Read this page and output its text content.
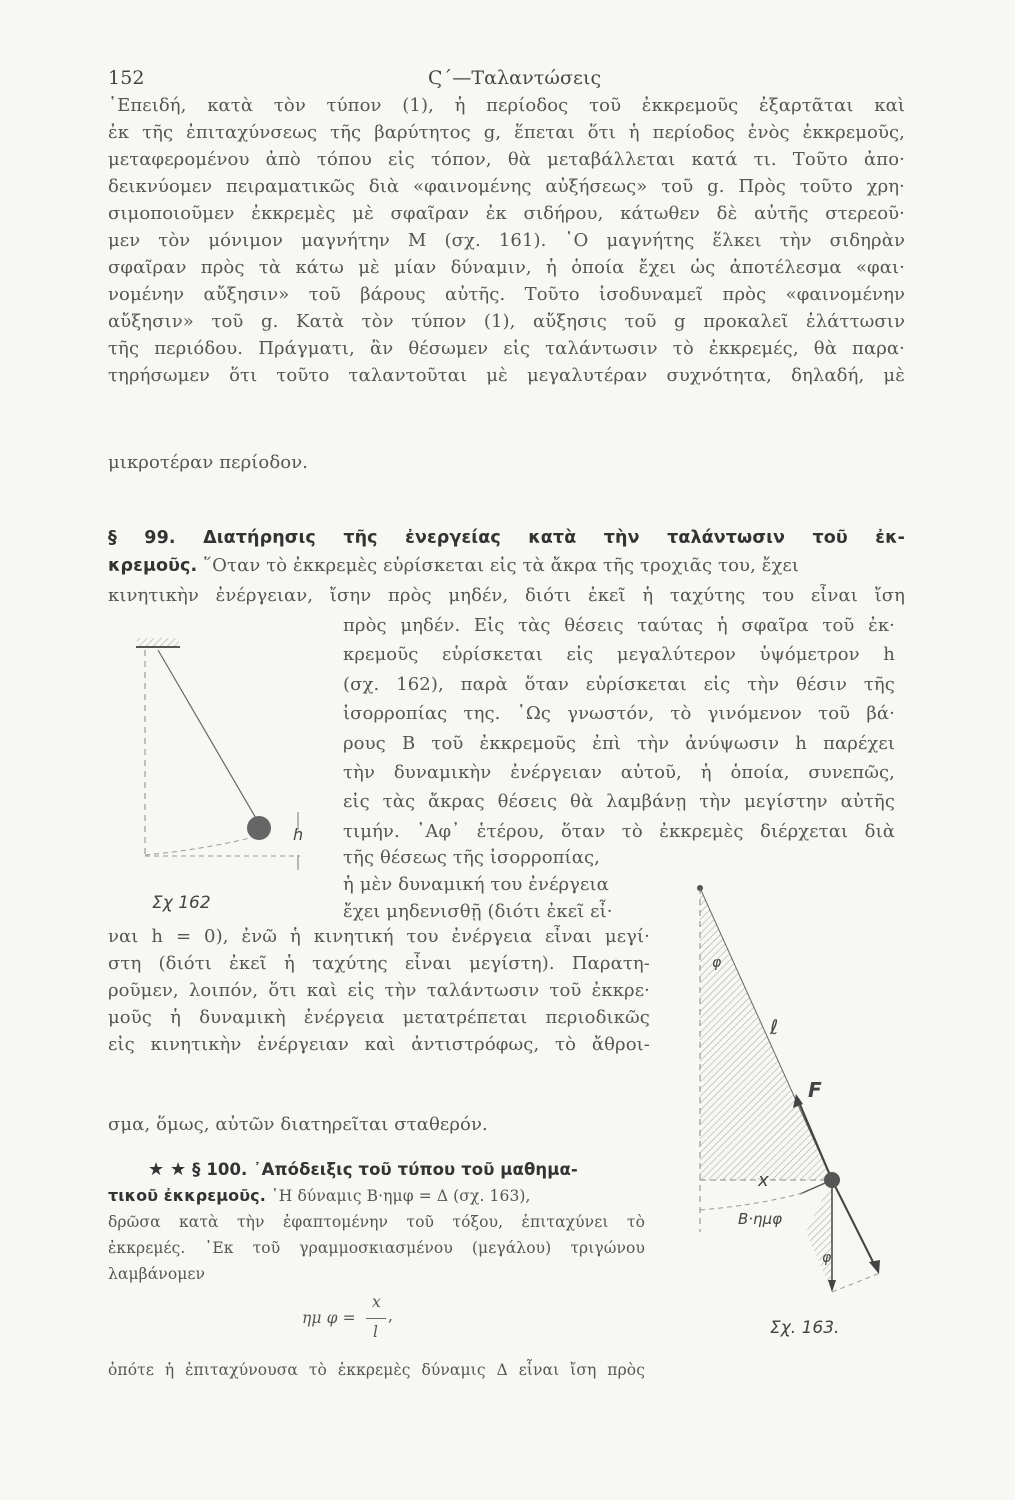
152	Ϛ΄—Ταλαντώσεις
῾Επειδή, κατὰ τὸν τύπον (1), ἡ περίοδος τοῦ ἐκκρεμοῦς ἐξαρτᾶται καὶ
ἐκ τῆς ἐπιταχύνσεως τῆς βαρύτητος g, ἕπεται ὅτι ἡ περίοδος ἑνὸς ἐκκρεμοῦς,
μεταφερομένου ἀπὸ τόπου εἰς τόπον, θὰ μεταβάλλεται κατά τι. Τοῦτο ἀπο·
δεικνύομεν πειραματικῶς διὰ «φαινομένης αὐξήσεως» τοῦ g. Πρὸς τοῦτο χρη·
σιμοποιοῦμεν ἐκκρεμὲς μὲ σφαῖραν ἐκ σιδήρου, κάτωθεν δὲ αὐτῆς στερεοῦ·
μεν τὸν μόνιμον μαγνήτην M (σχ. 161). ῾Ο μαγνήτης ἕλκει τὴν σιδηρὰν
σφαῖραν πρὸς τὰ κάτω μὲ μίαν δύναμιν, ἡ ὁποία ἔχει ὡς ἀποτέλεσμα «φαι·
νομένην αὔξησιν» τοῦ βάρους αὐτῆς. Τοῦτο ἰσοδυναμεῖ πρὸς «φαινομένην
αὔξησιν» τοῦ g. Κατὰ τὸν τύπον (1), αὔξησις τοῦ g προκαλεῖ ἐλάττωσιν
τῆς περιόδου. Πράγματι, ἂν θέσωμεν εἰς ταλάντωσιν τὸ ἐκκρεμές, θὰ παρα·
τηρήσωμεν ὅτι τοῦτο ταλαντοῦται μὲ μεγαλυτέραν συχνότητα, δηλαδή, μὲ
μικροτέραν περίοδον.
§ 99. Διατήρησις τῆς ἐνεργείας κατὰ τὴν ταλάντωσιν τοῦ ἐκ-
κρεμοῦς. ῞Οταν τὸ ἐκκρεμὲς εὑρίσκεται εἰς τὰ ἄκρα τῆς τροχιᾶς του, ἔχει
κινητικὴν ἐνέργειαν, ἴσην πρὸς μηδέν, διότι ἐκεῖ ἡ ταχύτης του εἶναι ἴση
πρὸς μηδέν. Εἰς τὰς θέσεις ταύτας ἡ σφαῖρα τοῦ ἐκ·
κρεμοῦς εὑρίσκεται εἰς μεγαλύτερον ὑψόμετρον h
(σχ. 162), παρὰ ὅταν εὑρίσκεται εἰς τὴν θέσιν τῆς
ἰσορροπίας της. ῾Ως γνωστόν, τὸ γινόμενον τοῦ βά·
ρους B τοῦ ἐκκρεμοῦς ἐπὶ τὴν ἀνύψωσιν h παρέχει
τὴν δυναμικὴν ἐνέργειαν αὐτοῦ, ἡ ὁποία, συνεπῶς,
εἰς τὰς ἄκρας θέσεις θὰ λαμβάνῃ τὴν μεγίστην αὐτῆς
τιμήν. ᾽Αφ᾽ ἑτέρου, ὅταν τὸ ἐκκρεμὲς διέρχεται διὰ
τῆς θέσεως τῆς ἰσορροπίας,
ἡ μὲν δυναμική του ἐνέργεια
ἔχει μηδενισθῇ (διότι ἐκεῖ εἶ·
ναι h = 0), ἐνῶ ἡ κινητική του ἐνέργεια εἶναι μεγί·
στη (διότι ἐκεῖ ἡ ταχύτης εἶναι μεγίστη). Παρατη-
ροῦμεν, λοιπόν, ὅτι καὶ εἰς τὴν ταλάντωσιν τοῦ ἐκκρε·
μοῦς ἡ δυναμικὴ ἐνέργεια μετατρέπεται περιοδικῶς
εἰς κινητικὴν ἐνέργειαν καὶ ἀντιστρόφως, τὸ ἄθροι-
σμα, ὅμως, αὐτῶν διατηρεῖται σταθερόν.
★ ★ § 100. ᾽Απόδειξις τοῦ τύπου τοῦ μαθημα-
τικοῦ ἐκκρεμοῦς. ῾Η δύναμις B·ημφ = Δ (σχ. 163),
δρῶσα κατὰ τὴν ἐφαπτομένην τοῦ τόξου, ἐπιταχύνει τὸ
ἐκκρεμές. ᾽Εκ τοῦ γραμμοσκιασμένου (μεγάλου) τριγώνου
λαμβάνομεν
ημ φ =
x
l
,
ὁπότε ἡ ἐπιταχύνουσα τὸ ἐκκρεμὲς δύναμις Δ εἶναι ἴση πρὸς
φ
ℓ
F
x
B·ημφ
φ
Σχ. 163.
h
Σχ 162
